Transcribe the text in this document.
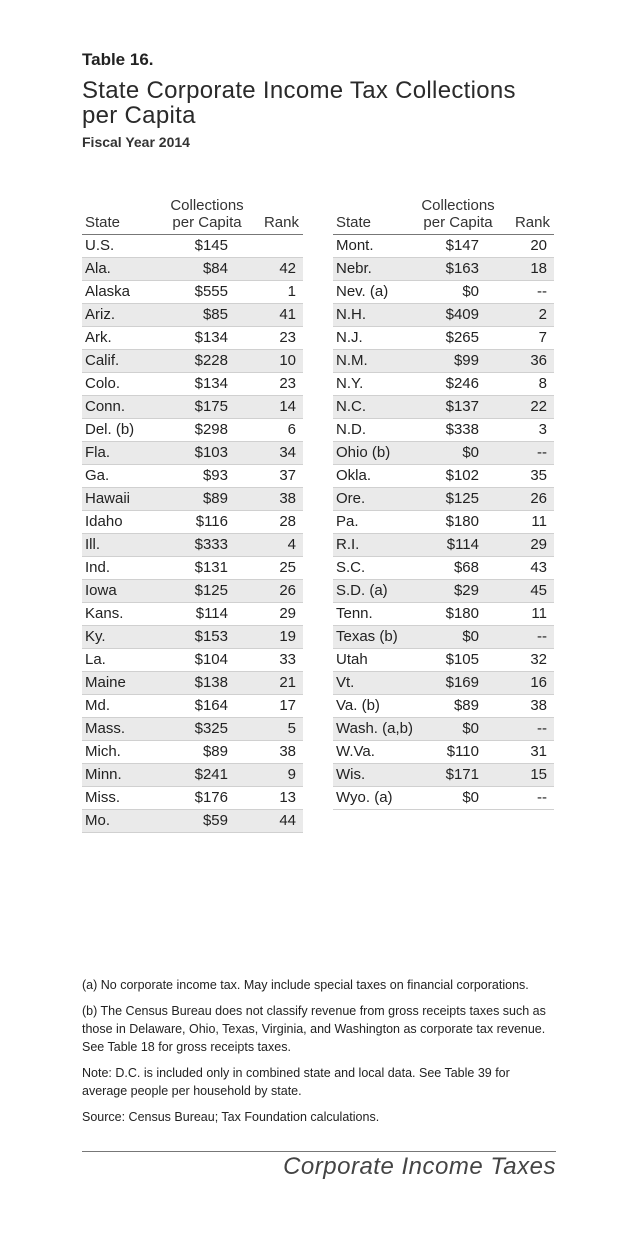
Table 16.
State Corporate Income Tax Collections
per Capita
Fiscal Year 2014
State
Collections
per Capita	Rank
U.S.	$145
Ala.	$84	42
Alaska	$555	1
Ariz.	$85	41
Ark.	$134	23
Calif.	$228	10
Colo.	$134	23
Conn.	$175	14
Del. (b)	$298	6
Fla.	$103	34
Ga.	$93	37
Hawaii	$89	38
Idaho	$116	28
Ill.	$333	4
Ind.	$131	25
Iowa	$125	26
Kans.	$114	29
Ky.	$153	19
La.	$104	33
Maine	$138	21
Md.	$164	17
Mass.	$325	5
Mich.	$89	38
Minn.	$241	9
Miss.	$176	13
Mo.	$59	44
State
Collections
per Capita	Rank
Mont.	$147	20
Nebr.	$163	18
Nev. (a)	$0	--
N.H.	$409	2
N.J.	$265	7
N.M.	$99	36
N.Y.	$246	8
N.C.	$137	22
N.D.	$338	3
Ohio (b)	$0	--
Okla.	$102	35
Ore.	$125	26
Pa.	$180	11
R.I.	$114	29
S.C.	$68	43
S.D. (a)	$29	45
Tenn.	$180	11
Texas (b)	$0	--
Utah	$105	32
Vt.	$169	16
Va. (b)	$89	38
Wash. (a,b)	$0	--
W.Va.	$110	31
Wis.	$171	15
Wyo. (a)	$0	--

(a) No corporate income tax. May include special taxes on financial corporations.

(b) The Census Bureau does not classify revenue from gross receipts taxes such as those in Delaware, Ohio, Texas, Virginia, and Washington as corporate tax revenue. See Table 18 for gross receipts taxes.

Note: D.C. is included only in combined state and local data. See Table 39 for average people per household by state.

Source: Census Bureau; Tax Foundation calculations.

Corporate Income Taxes
